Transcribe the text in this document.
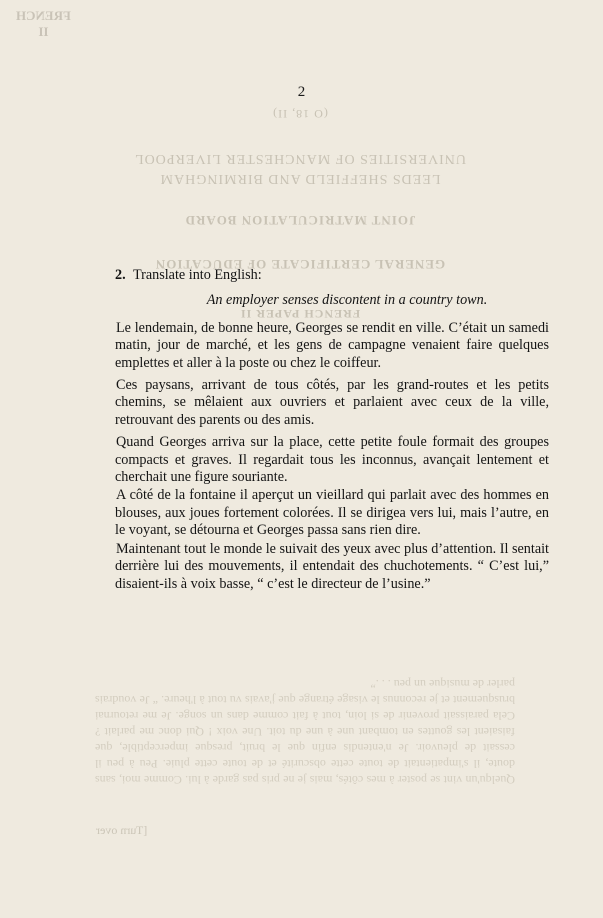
FRENCH
II
2
(O 18, II)
UNIVERSITIES OF MANCHESTER LIVERPOOL
LEEDS SHEFFIELD AND BIRMINGHAM
JOINT MATRICULATION BOARD
GENERAL CERTIFICATE OF EDUCATION
FRENCH PAPER II
Quelqu'un vint se poster à mes côtés, mais je ne pris pas garde à lui. Comme moi, sans doute, il s'impatientait de toute cette obscurité et de toute cette pluie. Peu à peu il cessait de pleuvoir. Je n'entendis enfin que le bruit, presque imperceptible, que faisaient les gouttes en tombant une à une du toit. Une voix ! Qui donc me parlait ? Cela paraissait provenir de si loin, tout à fait comme dans un songe. Je me retournai brusquement et je reconnus le visage étrange que j'avais vu tout à l'heure. “ Je voudrais parler de musique un peu . . .”
[Turn over
2. Translate into English:
An employer senses discontent in a country town.

Le lendemain, de bonne heure, Georges se rendit en ville. C’était un samedi matin, jour de marché, et les gens de campagne venaient faire quelques emplettes et aller à la poste ou chez le coiffeur.

Ces paysans, arrivant de tous côtés, par les grand-routes et les petits chemins, se mêlaient aux ouvriers et parlaient avec ceux de la ville, retrouvant des parents ou des amis.

Quand Georges arriva sur la place, cette petite foule formait des groupes compacts et graves. Il regardait tous les inconnus, avançait lentement et cherchait une figure souriante.

A côté de la fontaine il aperçut un vieillard qui parlait avec des hommes en blouses, aux joues fortement colorées. Il se dirigea vers lui, mais l’autre, en le voyant, se détourna et Georges passa sans rien dire.

Maintenant tout le monde le suivait des yeux avec plus d’attention. Il sentait derrière lui des mouvements, il entendait des chuchotements. “ C’est lui,” disaient-ils à voix basse, “ c’est le directeur de l’usine.”
